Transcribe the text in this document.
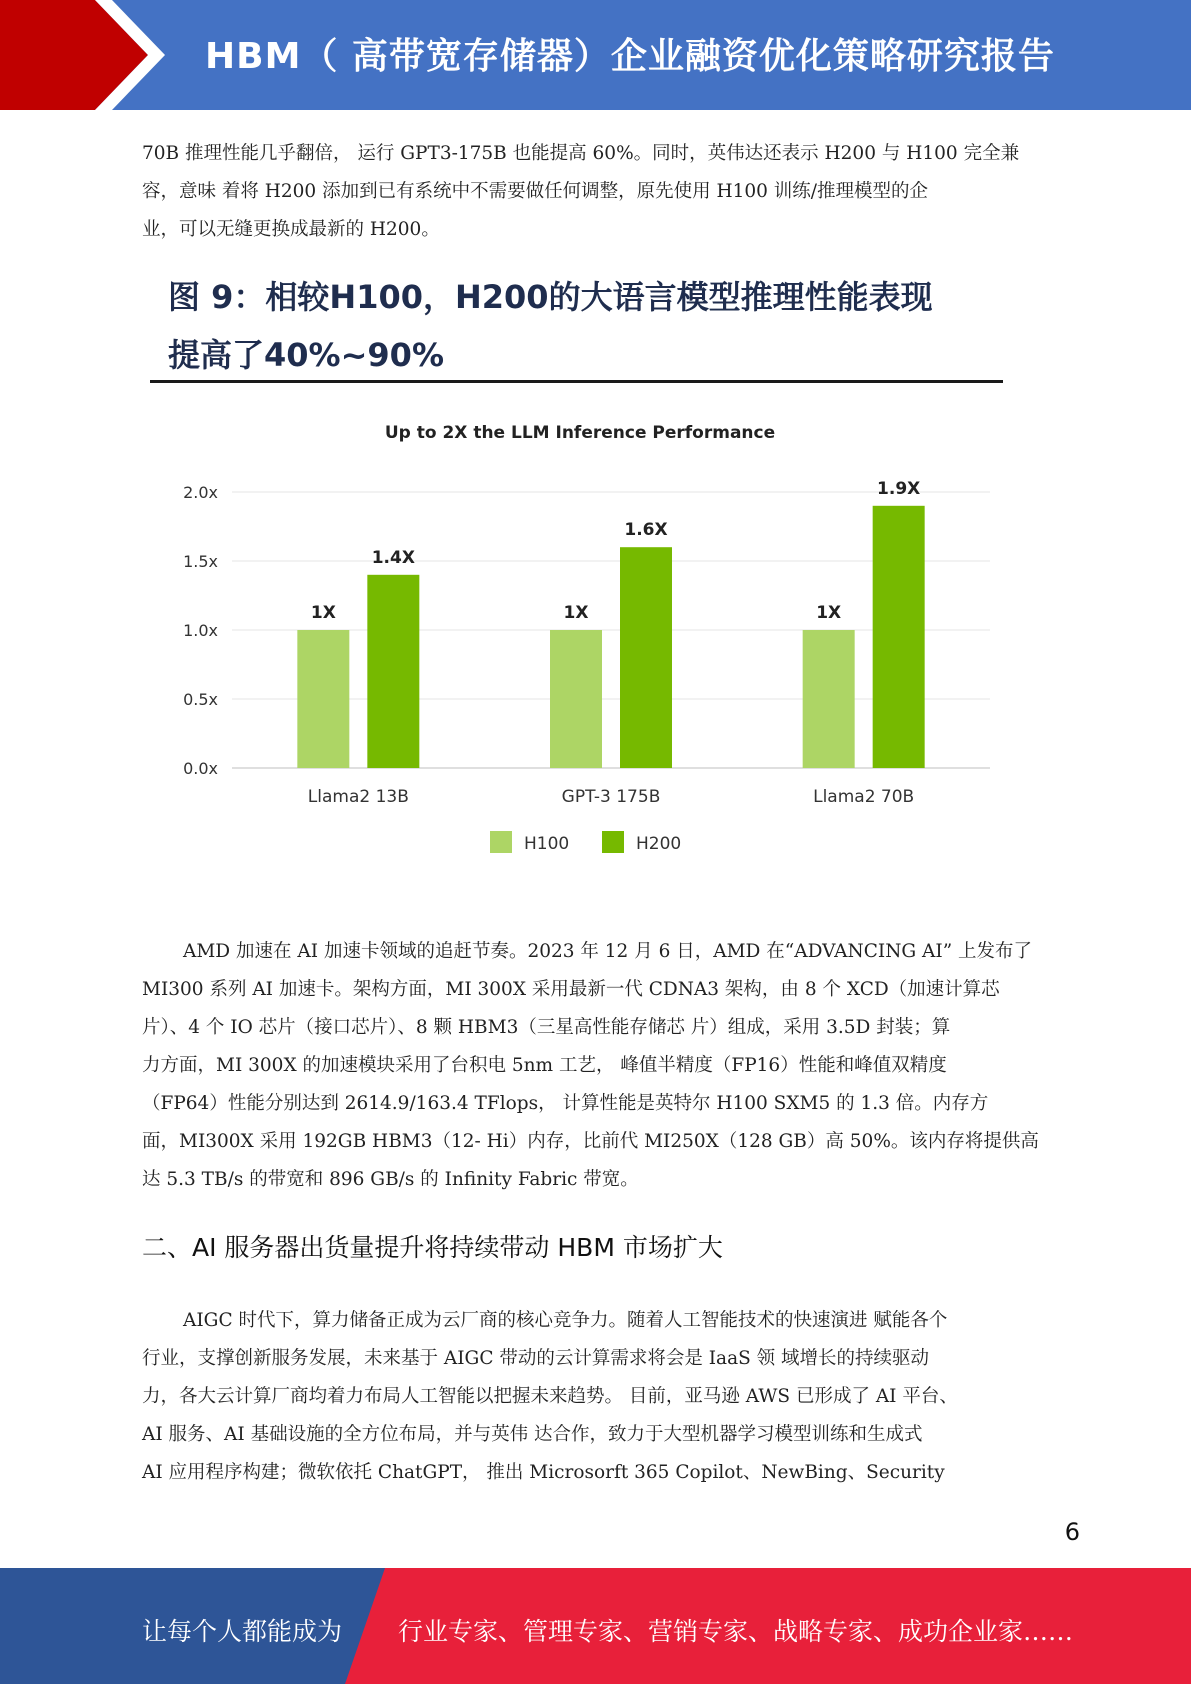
HBM（ 高带宽存储器）企业融资优化策略研究报告
70B 推理性能几乎翻倍， 运行 GPT3-175B 也能提高 60%。同时，英伟达还表示 H200 与 H100 完全兼
容，意味 着将 H200 添加到已有系统中不需要做任何调整，原先使用 H100 训练/推理模型的企
业，可以无缝更换成最新的 H200。
图 9：相较H100，H200的大语言模型推理性能表现
提高了40%~90%
Up to 2X the LLM Inference Performance
0.0x
0.5x
1.0x
1.5x
2.0x
1X
1.4X
Llama2 13B
1X
1.6X
GPT-3 175B
1X
1.9X
Llama2 70B
H100	H200
AMD 加速在 AI 加速卡领域的追赶节奏。2023 年 12 月 6 日，AMD 在“ADVANCING AI” 上发布了
MI300 系列 AI 加速卡。架构方面，MI 300X 采用最新一代 CDNA3 架构，由 8 个 XCD（加速计算芯
片）、4 个 IO 芯片（接口芯片）、8 颗 HBM3（三星高性能存储芯 片）组成，采用 3.5D 封装；算
力方面，MI 300X 的加速模块采用了台积电 5nm 工艺， 峰值半精度（FP16）性能和峰值双精度
（FP64）性能分别达到 2614.9/163.4 TFlops， 计算性能是英特尔 H100 SXM5 的 1.3 倍。内存方
面，MI300X 采用 192GB HBM3（12- Hi）内存，比前代 MI250X（128 GB）高 50%。该内存将提供高
达 5.3 TB/s 的带宽和 896 GB/s 的 Infinity Fabric 带宽。
二、AI 服务器出货量提升将持续带动 HBM 市场扩大
AIGC 时代下，算力储备正成为云厂商的核心竞争力。随着人工智能技术的快速演进 赋能各个
行业，支撑创新服务发展，未来基于 AIGC 带动的云计算需求将会是 IaaS 领 域增长的持续驱动
力，各大云计算厂商均着力布局人工智能以把握未来趋势。 目前，亚马逊 AWS 已形成了 AI 平台、
AI 服务、AI 基础设施的全方位布局，并与英伟 达合作，致力于大型机器学习模型训练和生成式
AI 应用程序构建；微软依托 ChatGPT， 推出 Microsorft 365 Copilot、NewBing、Security
6
让每个人都能成为 行业专家、管理专家、营销专家、战略专家、成功企业家……
